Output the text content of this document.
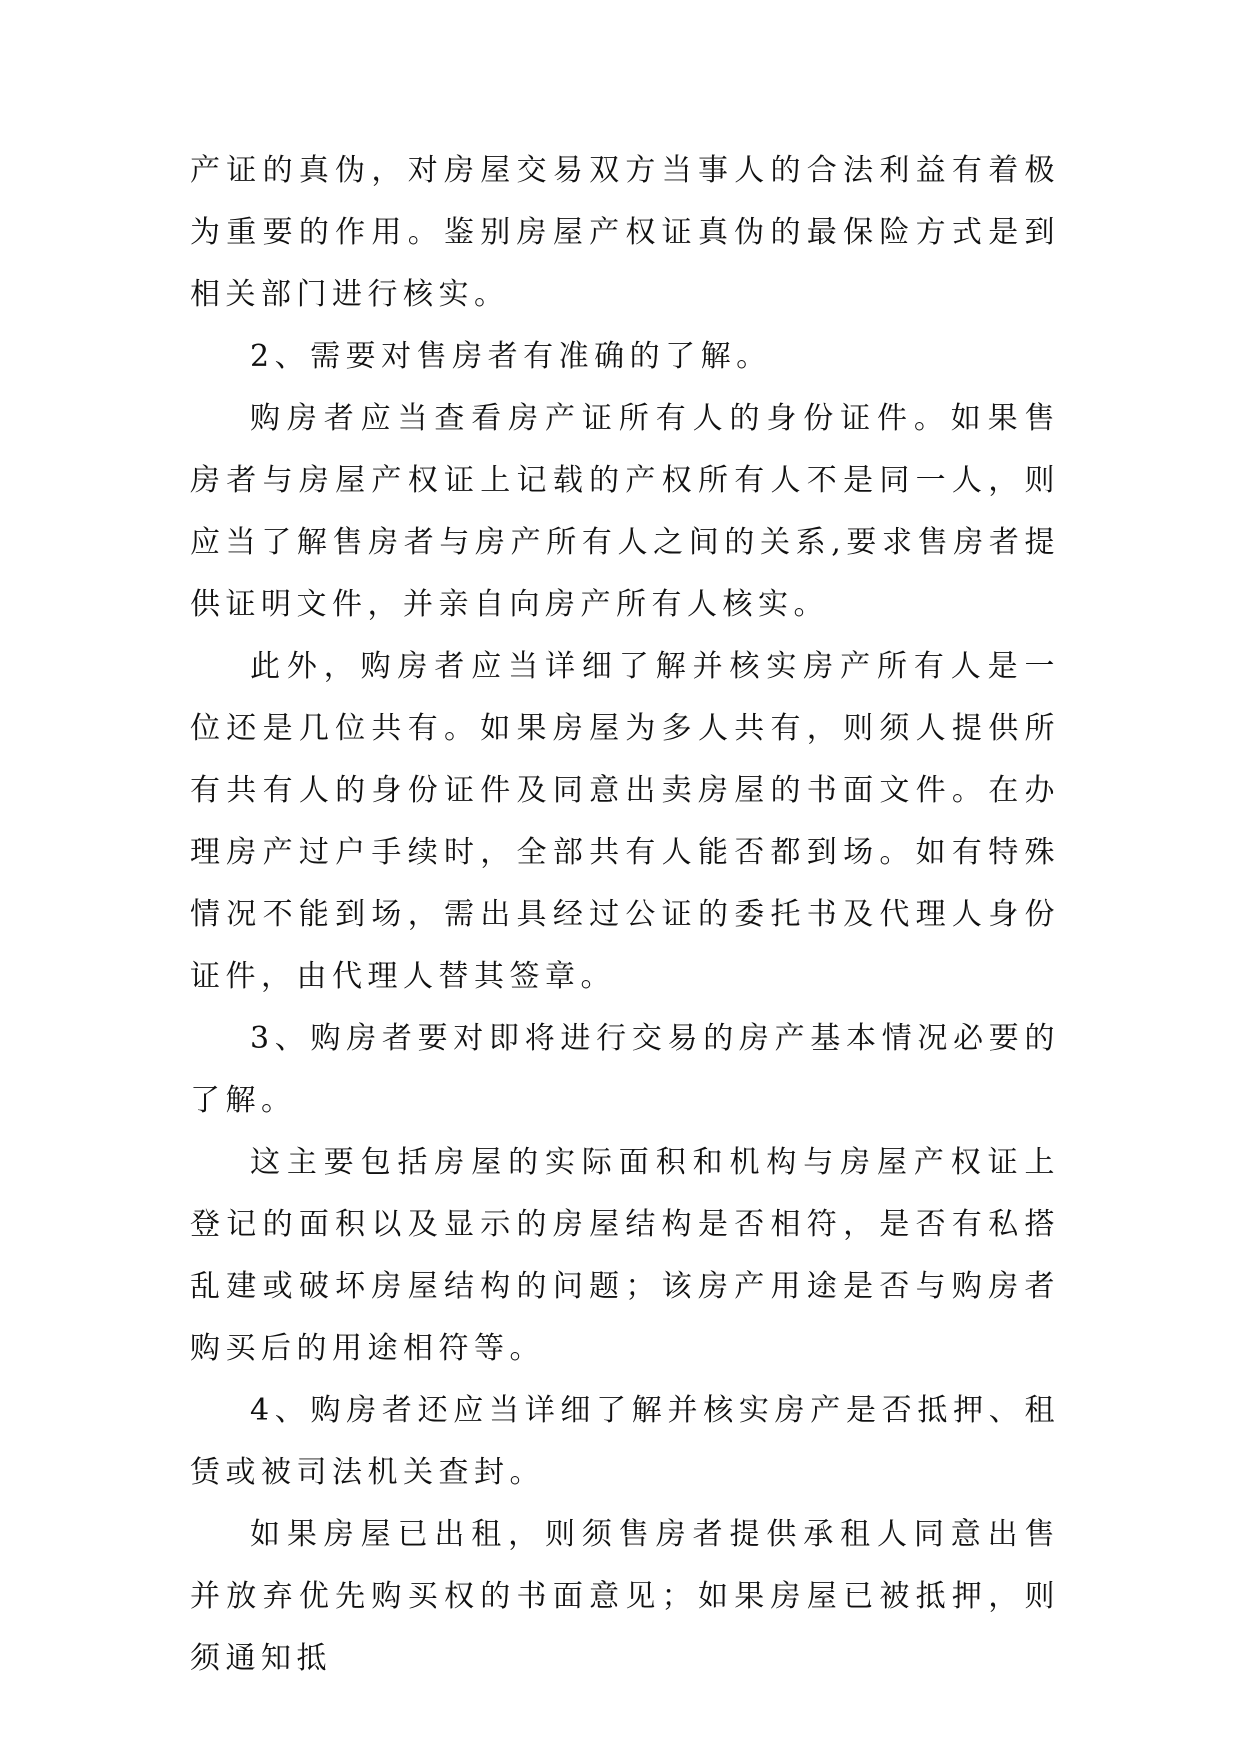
产证的真伪，对房屋交易双方当事人的合法利益有着极为重要的作用。鉴别房屋产权证真伪的最保险方式是到相关部门进行核实。

2、需要对售房者有准确的了解。

购房者应当查看房产证所有人的身份证件。如果售房者与房屋产权证上记载的产权所有人不是同一人，则应当了解售房者与房产所有人之间的关系,要求售房者提供证明文件，并亲自向房产所有人核实。

此外，购房者应当详细了解并核实房产所有人是一位还是几位共有。如果房屋为多人共有，则须人提供所有共有人的身份证件及同意出卖房屋的书面文件。在办理房产过户手续时，全部共有人能否都到场。如有特殊情况不能到场，需出具经过公证的委托书及代理人身份证件，由代理人替其签章。

3、购房者要对即将进行交易的房产基本情况必要的了解。

这主要包括房屋的实际面积和机构与房屋产权证上登记的面积以及显示的房屋结构是否相符，是否有私搭乱建或破坏房屋结构的问题；该房产用途是否与购房者购买后的用途相符等。

4、购房者还应当详细了解并核实房产是否抵押、租赁或被司法机关查封。

如果房屋已出租，则须售房者提供承租人同意出售并放弃优先购买权的书面意见；如果房屋已被抵押，则须通知抵
